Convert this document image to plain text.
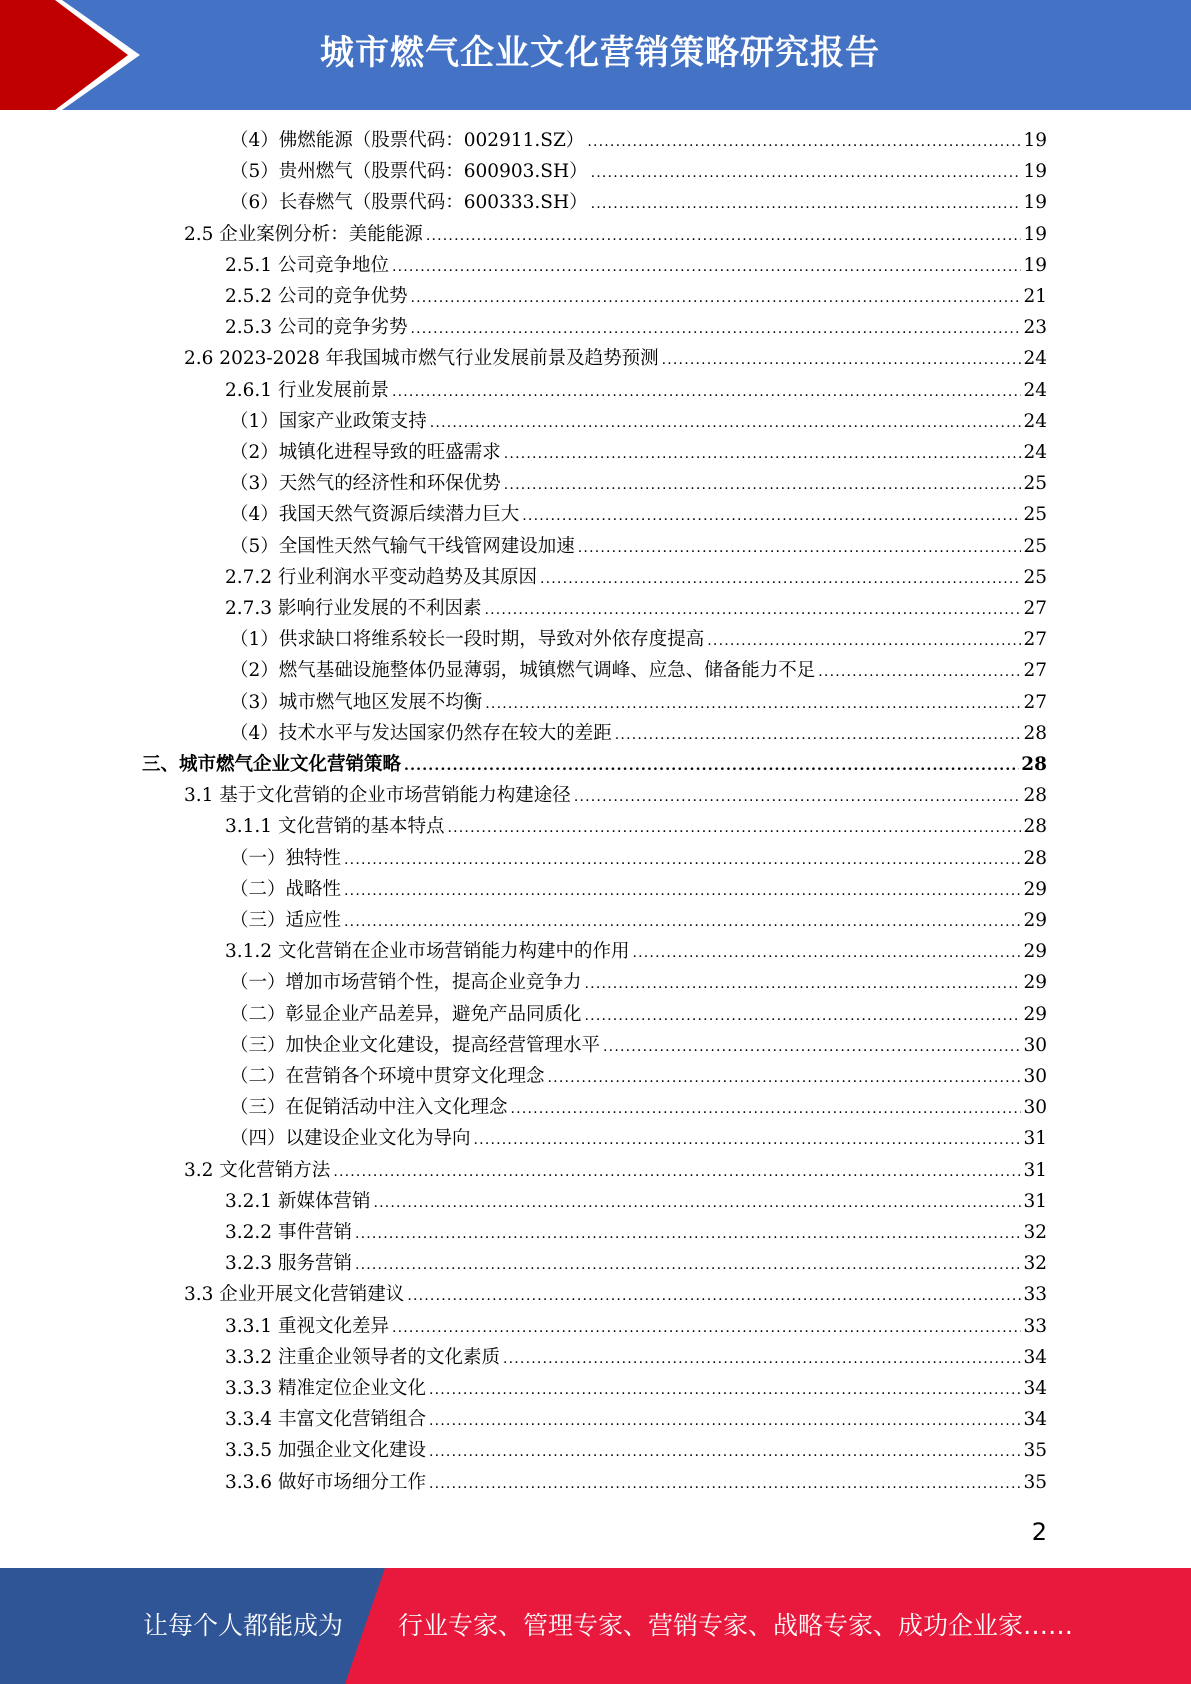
城市燃气企业文化营销策略研究报告
（4）佛燃能源（股票代码：002911.SZ） .....	19
（5）贵州燃气（股票代码：600903.SH） .....	19
（6）长春燃气（股票代码：600333.SH） .....	19
2.5 企业案例分析：美能能源 .....	19
2.5.1 公司竞争地位 .....	19
2.5.2 公司的竞争优势 .....	21
2.5.3 公司的竞争劣势 .....	23
2.6 2023-2028 年我国城市燃气行业发展前景及趋势预测 .....	24
2.6.1 行业发展前景 .....	24
（1）国家产业政策支持 .....	24
（2）城镇化进程导致的旺盛需求 .....	24
（3）天然气的经济性和环保优势 .....	25
（4）我国天然气资源后续潜力巨大 .....	25
（5）全国性天然气输气干线管网建设加速 .....	25
2.7.2 行业利润水平变动趋势及其原因 .....	25
2.7.3 影响行业发展的不利因素 .....	27
（1）供求缺口将维系较长一段时期，导致对外依存度提高 .....	27
（2）燃气基础设施整体仍显薄弱，城镇燃气调峰、应急、储备能力不足 .....	27
（3）城市燃气地区发展不均衡 .....	27
（4）技术水平与发达国家仍然存在较大的差距 .....	28
三、城市燃气企业文化营销策略 .....	28
3.1 基于文化营销的企业市场营销能力构建途径 .....	28
3.1.1 文化营销的基本特点 .....	28
（一）独特性 .....	28
（二）战略性 .....	29
（三）适应性 .....	29
3.1.2 文化营销在企业市场营销能力构建中的作用 .....	29
（一）增加市场营销个性，提高企业竞争力 .....	29
（二）彰显企业产品差异，避免产品同质化 .....	29
（三）加快企业文化建设，提高经营管理水平 .....	30
（二）在营销各个环境中贯穿文化理念 .....	30
（三）在促销活动中注入文化理念 .....	30
（四）以建设企业文化为导向 .....	31
3.2 文化营销方法 .....	31
3.2.1 新媒体营销 .....	31
3.2.2 事件营销 .....	32
3.2.3 服务营销 .....	32
3.3 企业开展文化营销建议 .....	33
3.3.1 重视文化差异 .....	33
3.3.2 注重企业领导者的文化素质 .....	34
3.3.3 精准定位企业文化 .....	34
3.3.4 丰富文化营销组合 .....	34
3.3.5 加强企业文化建设 .....	35
3.3.6 做好市场细分工作 .....	35
2
让每个人都能成为 行业专家、管理专家、营销专家、战略专家、成功企业家……
